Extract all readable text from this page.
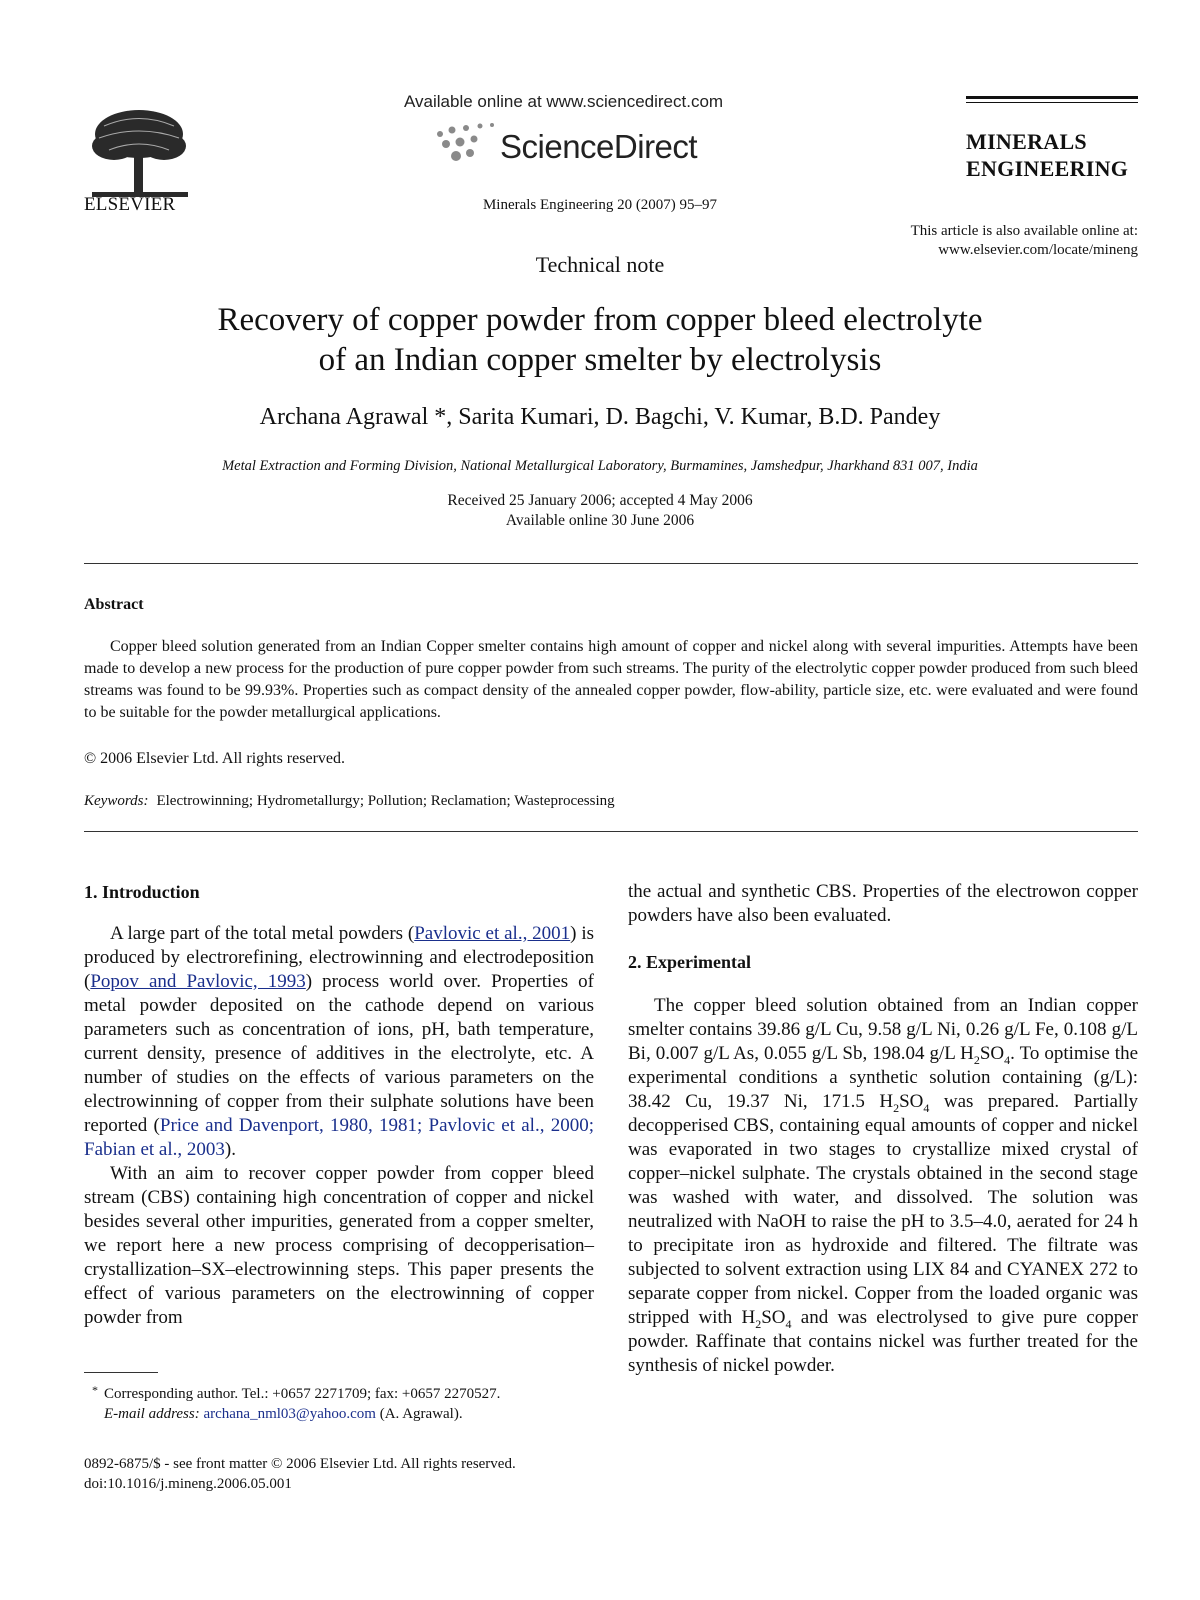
ELSEVIER
Available online at www.sciencedirect.com
ScienceDirect
Minerals Engineering 20 (2007) 95–97
MINERALS
ENGINEERING
This article is also available online at:
www.elsevier.com/locate/mineng
Technical note
Recovery of copper powder from copper bleed electrolyte
of an Indian copper smelter by electrolysis
Archana Agrawal *, Sarita Kumari, D. Bagchi, V. Kumar, B.D. Pandey
Metal Extraction and Forming Division, National Metallurgical Laboratory, Burmamines, Jamshedpur, Jharkhand 831 007, India
Received 25 January 2006; accepted 4 May 2006
Available online 30 June 2006
Abstract
Copper bleed solution generated from an Indian Copper smelter contains high amount of copper and nickel along with several impurities. Attempts have been made to develop a new process for the production of pure copper powder from such streams. The purity of the electrolytic copper powder produced from such bleed streams was found to be 99.93%. Properties such as compact density of the annealed copper powder, flow-ability, particle size, etc. were evaluated and were found to be suitable for the powder metallurgical applications.
© 2006 Elsevier Ltd. All rights reserved.
Keywords: Electrowinning; Hydrometallurgy; Pollution; Reclamation; Wasteprocessing
1. Introduction

A large part of the total metal powders (Pavlovic et al., 2001) is produced by electrorefining, electrowinning and electrodeposition (Popov and Pavlovic, 1993) process world over. Properties of metal powder deposited on the cathode depend on various parameters such as concentration of ions, pH, bath temperature, current density, presence of additives in the electrolyte, etc. A number of studies on the effects of various parameters on the electrowinning of copper from their sulphate solutions have been reported (Price and Davenport, 1980, 1981; Pavlovic et al., 2000; Fabian et al., 2003).

With an aim to recover copper powder from copper bleed stream (CBS) containing high concentration of copper and nickel besides several other impurities, generated from a copper smelter, we report here a new process comprising of decopperisation–crystallization–SX–electrowinning steps. This paper presents the effect of various parameters on the electrowinning of copper powder from

the actual and synthetic CBS. Properties of the electrowon copper powders have also been evaluated.

2. Experimental

The copper bleed solution obtained from an Indian copper smelter contains 39.86 g/L Cu, 9.58 g/L Ni, 0.26 g/L Fe, 0.108 g/L Bi, 0.007 g/L As, 0.055 g/L Sb, 198.04 g/L $H_2SO_4$. To optimise the experimental conditions a synthetic solution containing (g/L): 38.42 Cu, 19.37 Ni, 171.5 $H_2SO_4$ was prepared. Partially decopperised CBS, containing equal amounts of copper and nickel was evaporated in two stages to crystallize mixed crystal of copper–nickel sulphate. The crystals obtained in the second stage was washed with water, and dissolved. The solution was neutralized with NaOH to raise the pH to 3.5–4.0, aerated for 24 h to precipitate iron as hydroxide and filtered. The filtrate was subjected to solvent extraction using LIX 84 and CYANEX 272 to separate copper from nickel. Copper from the loaded organic was stripped with $H_2SO_4$ and was electrolysed to give pure copper powder. Raffinate that contains nickel was further treated for the synthesis of nickel powder.

* Corresponding author. Tel.: +0657 2271709; fax: +0657 2270527.
E-mail address: archana_nml03@yahoo.com (A. Agrawal).
0892-6875/$ - see front matter © 2006 Elsevier Ltd. All rights reserved.
doi:10.1016/j.mineng.2006.05.001
